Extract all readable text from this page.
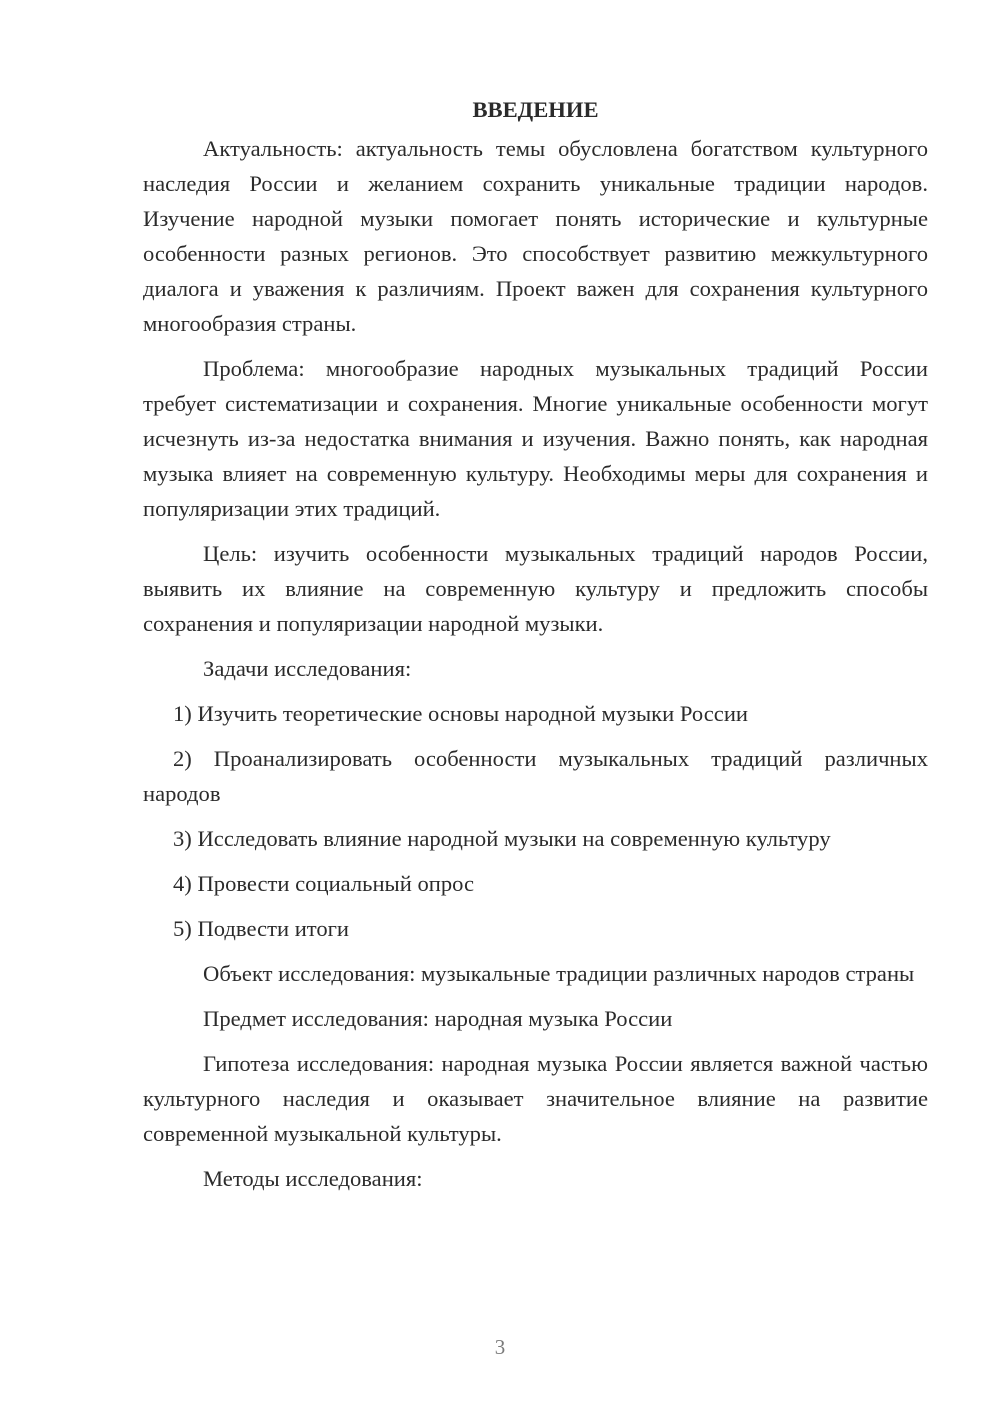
ВВЕДЕНИЕ

Актуальность: актуальность темы обусловлена богатством культурного наследия России и желанием сохранить уникальные традиции народов. Изучение народной музыки помогает понять исторические и культурные особенности разных регионов. Это способствует развитию межкультурного диалога и уважения к различиям. Проект важен для сохранения культурного многообразия страны.

Проблема: многообразие народных музыкальных традиций России требует систематизации и сохранения. Многие уникальные особенности могут исчезнуть из-за недостатка внимания и изучения. Важно понять, как народная музыка влияет на современную культуру. Необходимы меры для сохранения и популяризации этих традиций.

Цель: изучить особенности музыкальных традиций народов России, выявить их влияние на современную культуру и предложить способы сохранения и популяризации народной музыки.

Задачи исследования:

1) Изучить теоретические основы народной музыки России

2) Проанализировать особенности музыкальных традиций различных народов

3) Исследовать влияние народной музыки на современную культуру

4) Провести социальный опрос

5) Подвести итоги

Объект исследования: музыкальные традиции различных народов страны

Предмет исследования: народная музыка России

Гипотеза исследования: народная музыка России является важной частью культурного наследия и оказывает значительное влияние на развитие современной музыкальной культуры.

Методы исследования:

3
